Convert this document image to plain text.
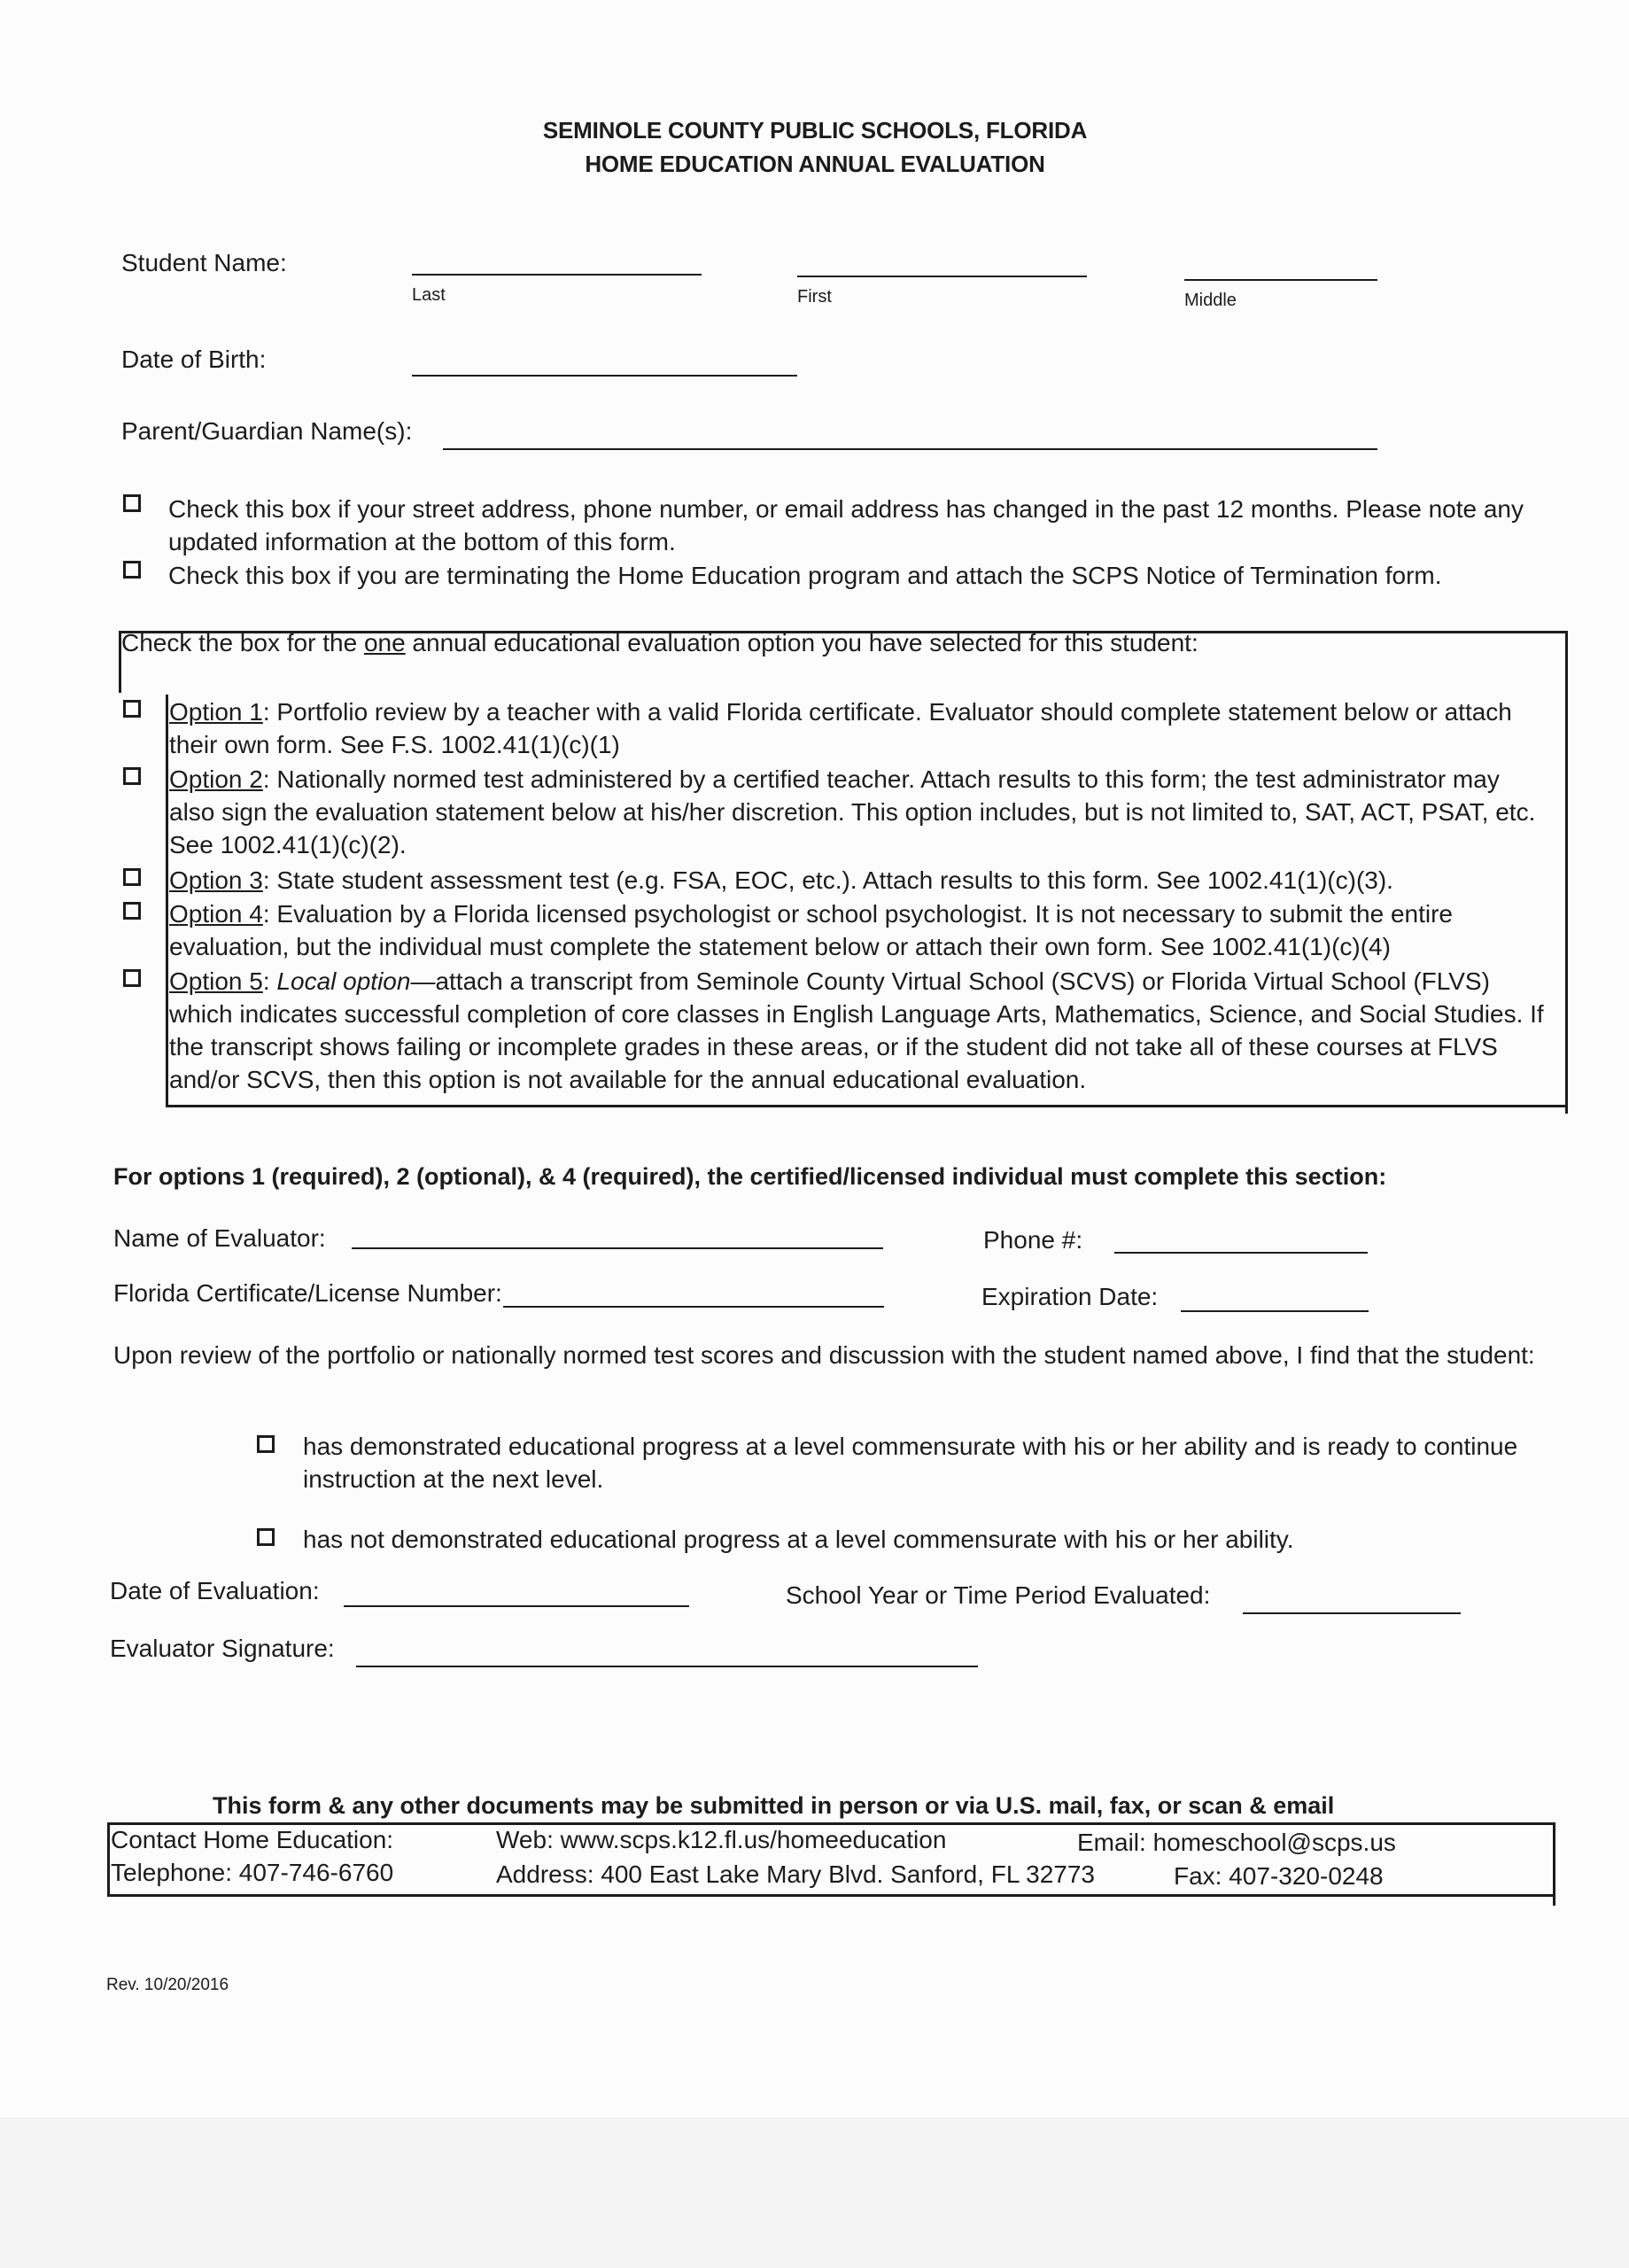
SEMINOLE COUNTY PUBLIC SCHOOLS, FLORIDA
HOME EDUCATION ANNUAL EVALUATION
Student Name:
Last	First	Middle
Date of Birth:
Parent/Guardian Name(s):
Check this box if your street address, phone number, or email address has changed in the past 12 months. Please note any updated information at the bottom of this form.
Check this box if you are terminating the Home Education program and attach the SCPS Notice of Termination form.
Check the box for the one annual educational evaluation option you have selected for this student:
Option 1: Portfolio review by a teacher with a valid Florida certificate. Evaluator should complete statement below or attach their own form. See F.S. 1002.41(1)(c)(1)
Option 2: Nationally normed test administered by a certified teacher. Attach results to this form; the test administrator may also sign the evaluation statement below at his/her discretion. This option includes, but is not limited to, SAT, ACT, PSAT, etc. See 1002.41(1)(c)(2).
Option 3: State student assessment test (e.g. FSA, EOC, etc.). Attach results to this form. See 1002.41(1)(c)(3).
Option 4: Evaluation by a Florida licensed psychologist or school psychologist. It is not necessary to submit the entire evaluation, but the individual must complete the statement below or attach their own form. See 1002.41(1)(c)(4)
Option 5: Local option—attach a transcript from Seminole County Virtual School (SCVS) or Florida Virtual School (FLVS) which indicates successful completion of core classes in English Language Arts, Mathematics, Science, and Social Studies. If the transcript shows failing or incomplete grades in these areas, or if the student did not take all of these courses at FLVS and/or SCVS, then this option is not available for the annual educational evaluation.
For options 1 (required), 2 (optional), & 4 (required), the certified/licensed individual must complete this section:
Name of Evaluator:	Phone #:
Florida Certificate/License Number:	Expiration Date:
Upon review of the portfolio or nationally normed test scores and discussion with the student named above, I find that the student:
has demonstrated educational progress at a level commensurate with his or her ability and is ready to continue instruction at the next level.
has not demonstrated educational progress at a level commensurate with his or her ability.
Date of Evaluation:	School Year or Time Period Evaluated:
Evaluator Signature:
This form & any other documents may be submitted in person or via U.S. mail, fax, or scan & email
Contact Home Education:	Web: www.scps.k12.fl.us/homeeducation	Email: homeschool@scps.us
Telephone: 407-746-6760	Address: 400 East Lake Mary Blvd. Sanford, FL 32773	Fax: 407-320-0248
Rev. 10/20/2016
